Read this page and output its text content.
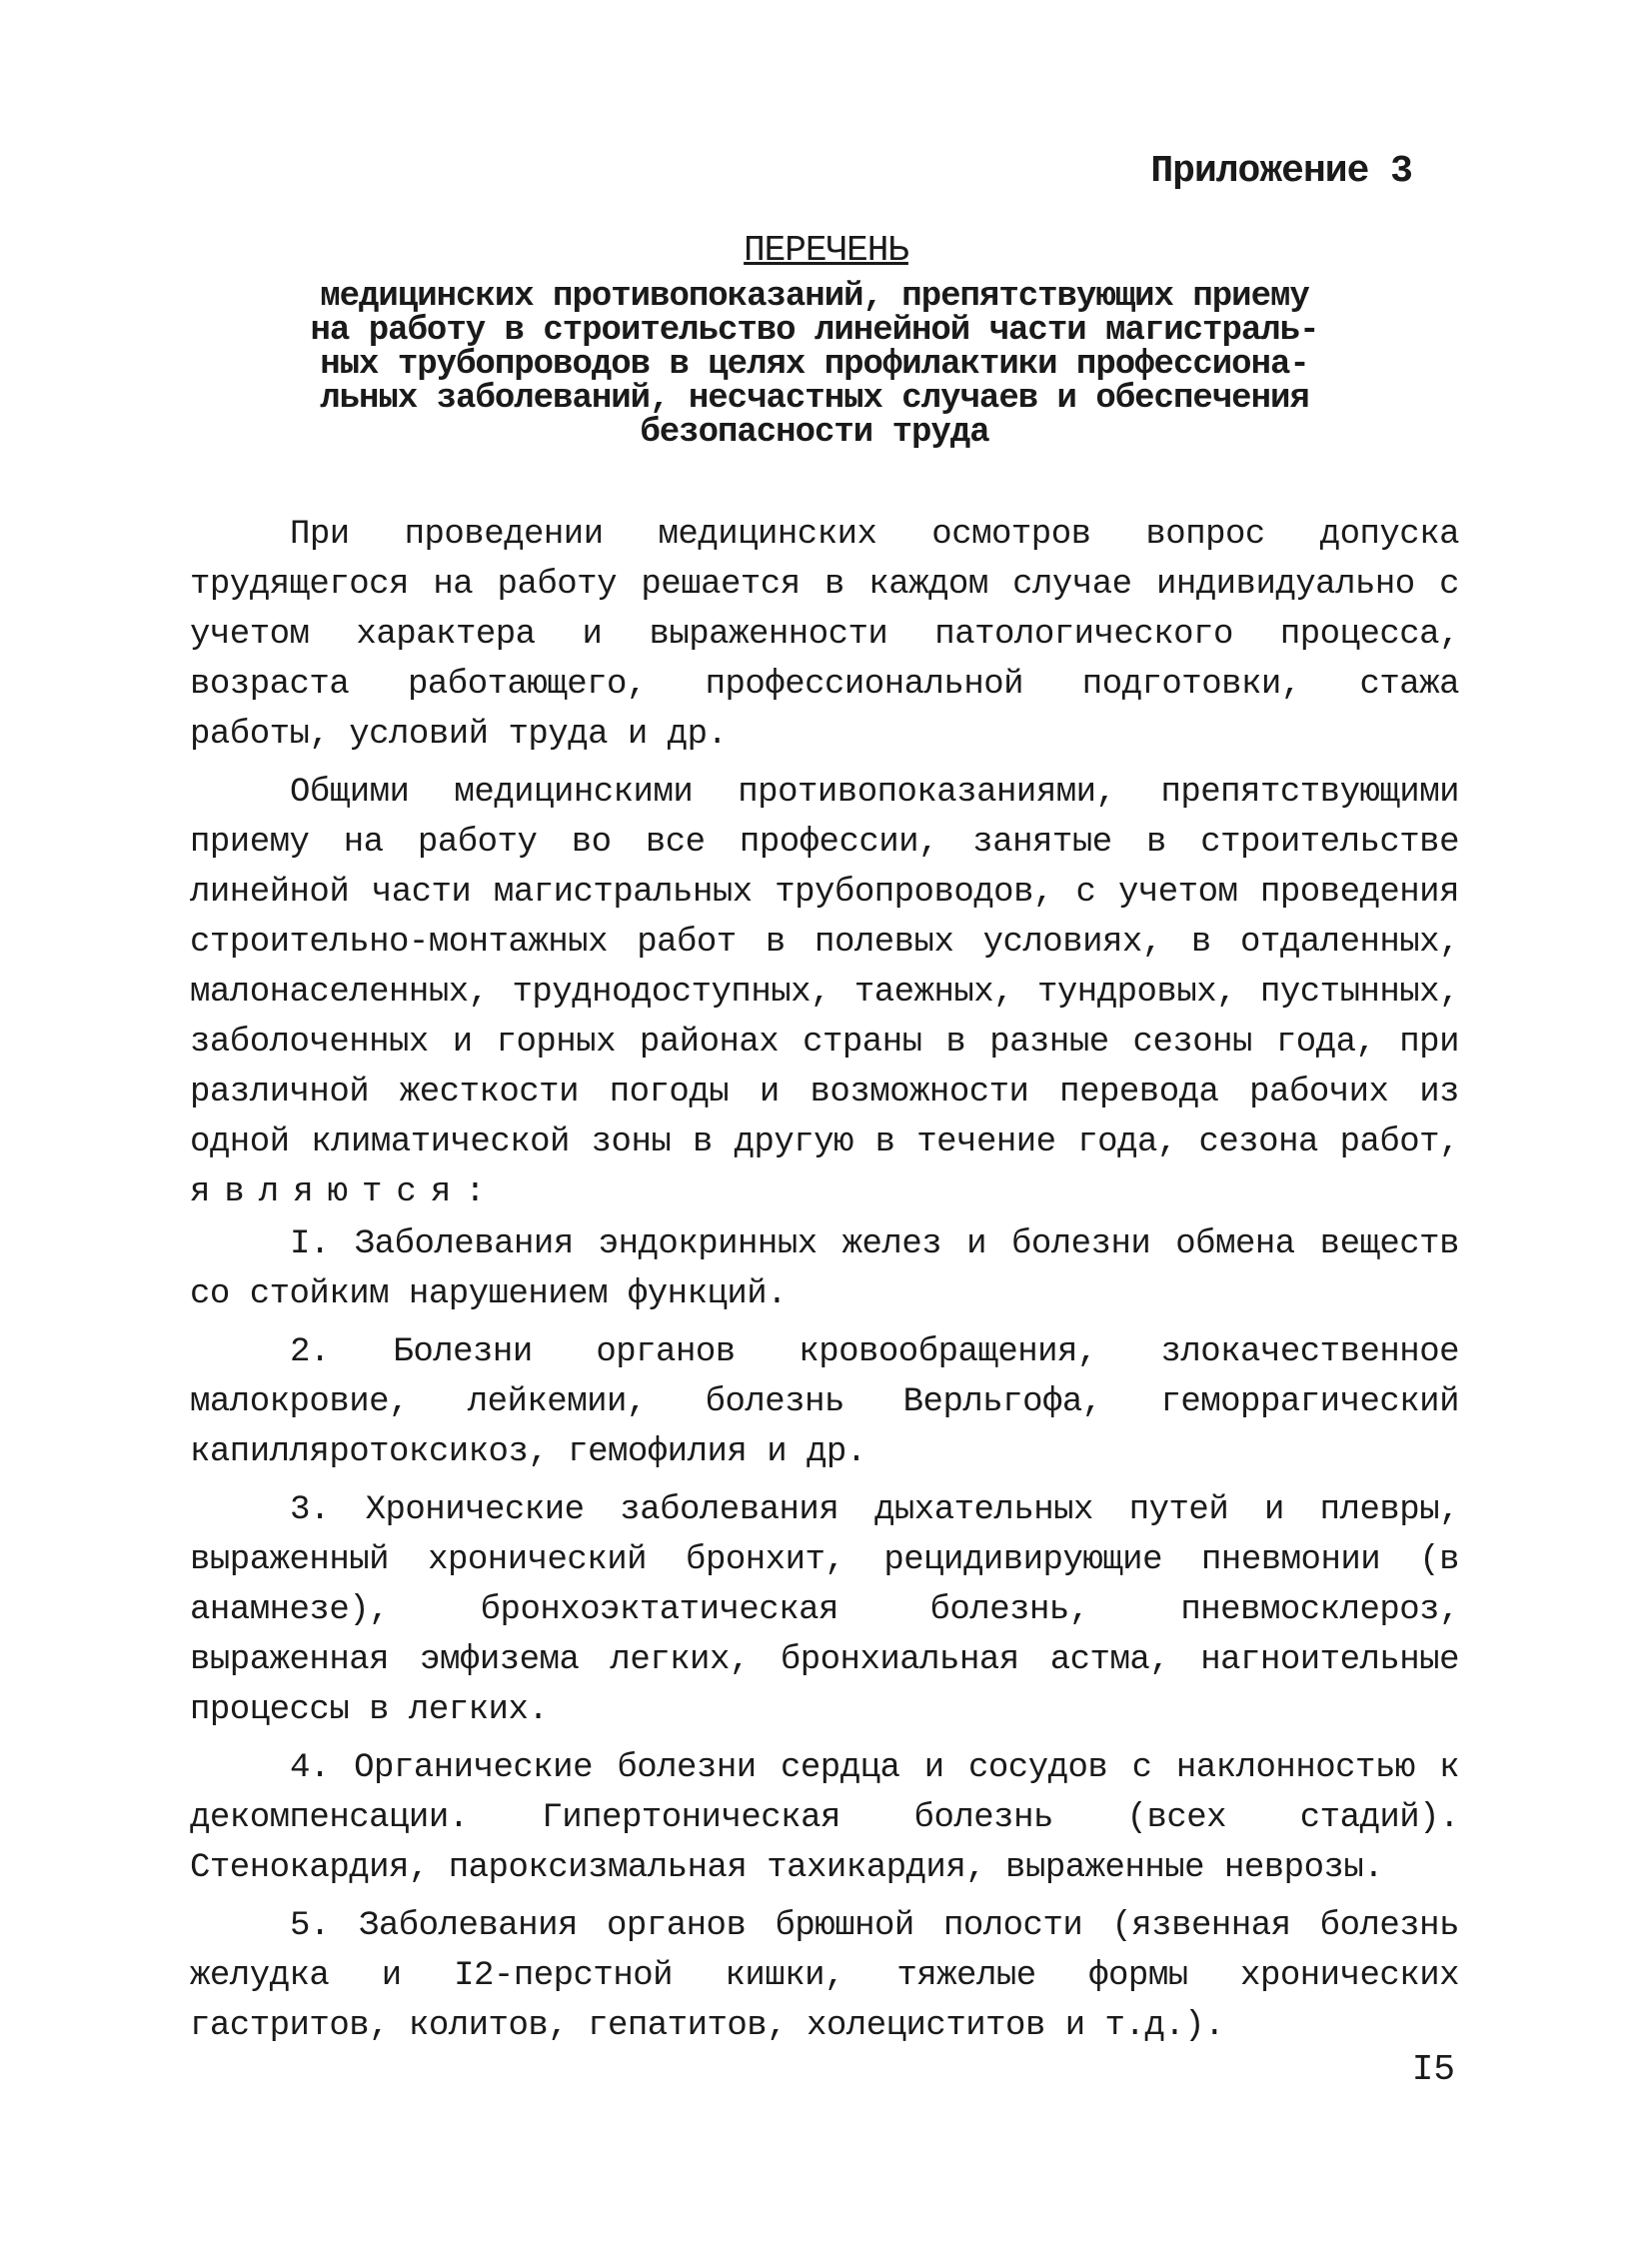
Приложение 3
ПЕРЕЧЕНЬ
медицинских противопоказаний, препятствующих приему
на работу в строительство линейной части магистраль-
ных трубопроводов в целях профилактики профессиона-
льных заболеваний, несчастных случаев и обеспечения
безопасности труда

При проведении медицинских осмотров вопрос допуска трудящегося на работу решается в каждом случае индивидуально с учетом характера и выраженности патологического процесса, возраста работающего, профессиональной подготовки, стажа работы, условий труда и др.

Общими медицинскими противопоказаниями, препятствующими приему на работу во все профессии, занятые в строительстве линейной части магистральных трубопроводов, с учетом проведения строительно-монтажных работ в полевых условиях, в отдаленных, малонаселенных, труднодоступных, таежных, тундровых, пустынных, заболоченных и горных районах страны в разные сезоны года, при различной жесткости погоды и возможности перевода рабочих из одной климатической зоны в другую в течение года, сезона работ, являются:

I. Заболевания эндокринных желез и болезни обмена веществ со стойким нарушением функций.

2. Болезни органов кровообращения, злокачественное малокровие, лейкемии, болезнь Верльгофа, геморрагический капилляротоксикоз, гемофилия и др.

3. Хронические заболевания дыхательных путей и плевры, выраженный хронический бронхит, рецидивирующие пневмонии (в анамнезе), бронхоэктатическая болезнь, пневмосклероз, выраженная эмфизема легких, бронхиальная астма, нагноительные процессы в легких.

4. Органические болезни сердца и сосудов с наклонностью к декомпенсации. Гипертоническая болезнь (всех стадий). Стенокардия, пароксизмальная тахикардия, выраженные неврозы.

5. Заболевания органов брюшной полости (язвенная болезнь желудка и I2-перстной кишки, тяжелые формы хронических гастритов, колитов, гепатитов, холециститов и т.д.).

I5
